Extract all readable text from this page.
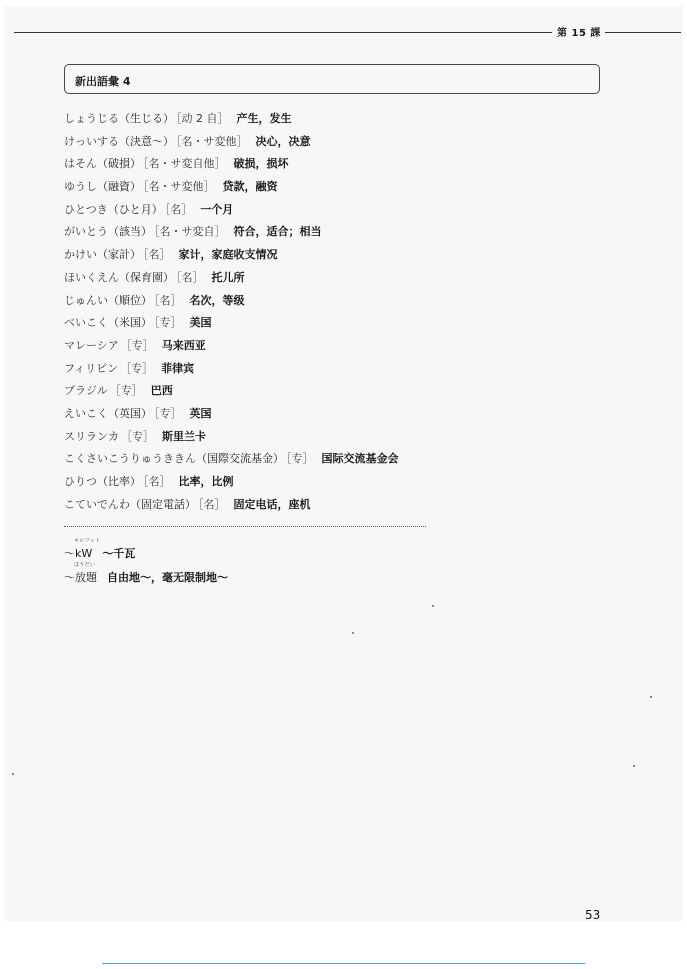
第 15 課
新出語彙 4
しょうじる（生じる） ［动 2 自］ 产生，发生
けっいする（決意〜） ［名・サ変他］ 决心，决意
はそん（破損） ［名・サ変自他］ 破损，损坏
ゆうし（融資） ［名・サ変他］ 贷款，融资
ひとつき（ひと月） ［名］ 一个月
がいとう（該当） ［名・サ変自］ 符合，适合；相当
かけい（家計） ［名］ 家计，家庭收支情况
ほいくえん（保育園） ［名］ 托儿所
じゅんい（順位） ［名］ 名次，等级
べいこく（米国） ［专］ 美国
マレーシア ［专］ 马来西亚
フィリピン ［专］ 菲律宾
ブラジル ［专］ 巴西
えいこく（英国） ［专］ 英国
スリランカ ［专］ 斯里兰卡
こくさいこうりゅうききん（国際交流基金） ［专］ 国际交流基金会
ひりつ（比率） ［名］ 比率，比例
こていでんわ（固定電話） ［名］ 固定电话，座机
キロワット
〜kW 〜千瓦
ほうだい
〜放題 自由地〜，毫无限制地〜
53
